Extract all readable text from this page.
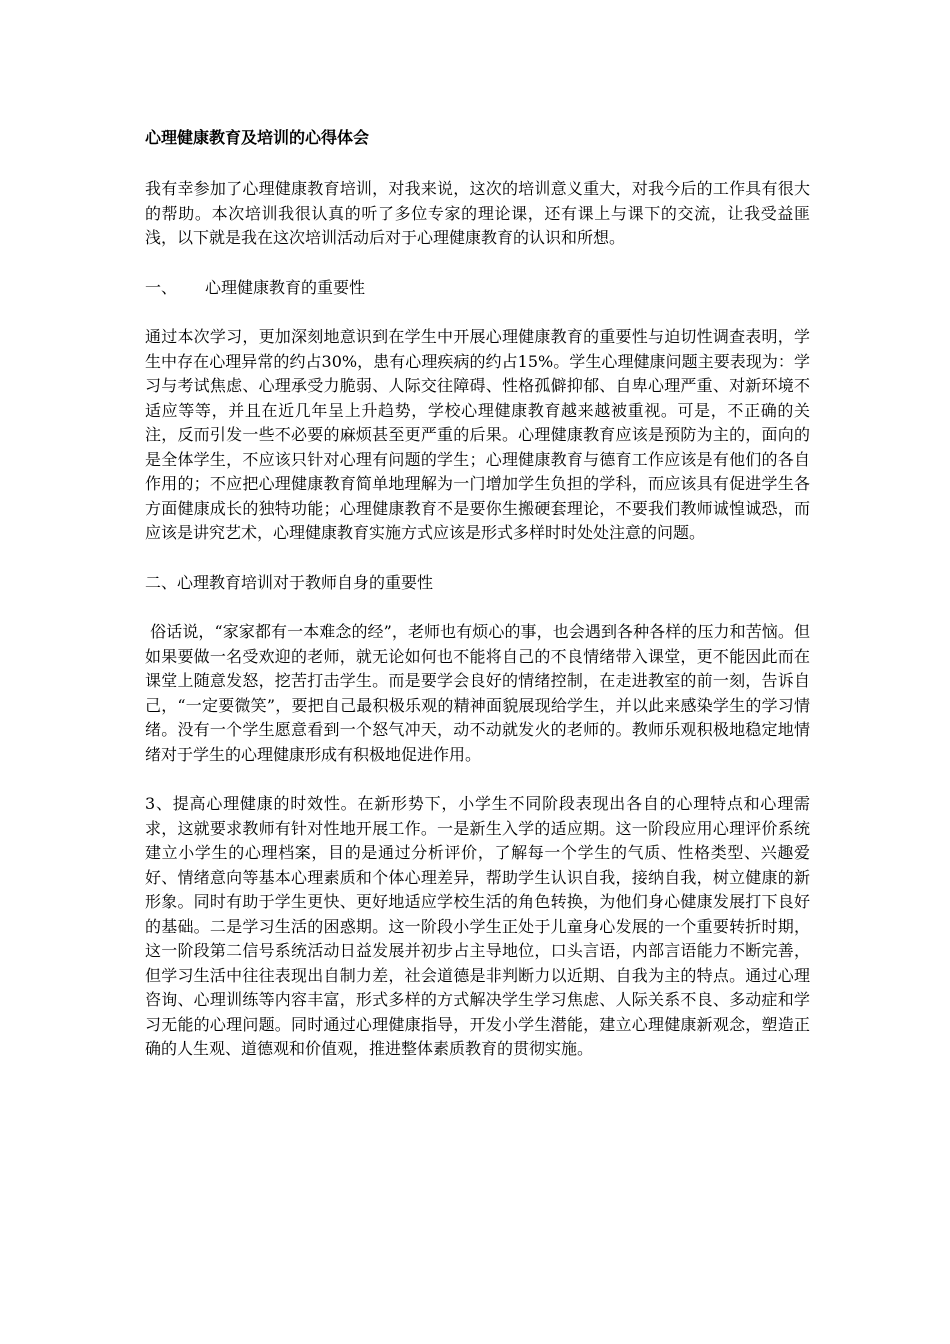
心理健康教育及培训的心得体会

我有幸参加了心理健康教育培训，对我来说，这次的培训意义重大，对我今后的工作具有很大的帮助。本次培训我很认真的听了多位专家的理论课，还有课上与课下的交流，让我受益匪浅，以下就是我在这次培训活动后对于心理健康教育的认识和所想。

一、 心理健康教育的重要性

通过本次学习，更加深刻地意识到在学生中开展心理健康教育的重要性与迫切性调查表明，学生中存在心理异常的约占30%，患有心理疾病的约占15%。学生心理健康问题主要表现为：学习与考试焦虑、心理承受力脆弱、人际交往障碍、性格孤僻抑郁、自卑心理严重、对新环境不适应等等，并且在近几年呈上升趋势，学校心理健康教育越来越被重视。可是，不正确的关注，反而引发一些不必要的麻烦甚至更严重的后果。心理健康教育应该是预防为主的，面向的是全体学生，不应该只针对心理有问题的学生；心理健康教育与德育工作应该是有他们的各自作用的；不应把心理健康教育简单地理解为一门增加学生负担的学科，而应该具有促进学生各方面健康成长的独特功能；心理健康教育不是要你生搬硬套理论，不要我们教师诚惶诚恐，而应该是讲究艺术，心理健康教育实施方式应该是形式多样时时处处注意的问题。

二、心理教育培训对于教师自身的重要性

俗话说，“家家都有一本难念的经”，老师也有烦心的事，也会遇到各种各样的压力和苦恼。但如果要做一名受欢迎的老师，就无论如何也不能将自己的不良情绪带入课堂，更不能因此而在课堂上随意发怒，挖苦打击学生。而是要学会良好的情绪控制，在走进教室的前一刻，告诉自己，“一定要微笑”，要把自己最积极乐观的精神面貌展现给学生，并以此来感染学生的学习情绪。没有一个学生愿意看到一个怒气冲天，动不动就发火的老师的。教师乐观积极地稳定地情绪对于学生的心理健康形成有积极地促进作用。

3、提高心理健康的时效性。在新形势下，小学生不同阶段表现出各自的心理特点和心理需求，这就要求教师有针对性地开展工作。一是新生入学的适应期。这一阶段应用心理评价系统建立小学生的心理档案，目的是通过分析评价，了解每一个学生的气质、性格类型、兴趣爱好、情绪意向等基本心理素质和个体心理差异，帮助学生认识自我，接纳自我，树立健康的新形象。同时有助于学生更快、更好地适应学校生活的角色转换，为他们身心健康发展打下良好的基础。二是学习生活的困惑期。这一阶段小学生正处于儿童身心发展的一个重要转折时期，这一阶段第二信号系统活动日益发展并初步占主导地位，口头言语，内部言语能力不断完善，但学习生活中往往表现出自制力差，社会道德是非判断力以近期、自我为主的特点。通过心理咨询、心理训练等内容丰富，形式多样的方式解决学生学习焦虑、人际关系不良、多动症和学习无能的心理问题。同时通过心理健康指导，开发小学生潜能，建立心理健康新观念，塑造正确的人生观、道德观和价值观，推进整体素质教育的贯彻实施。
